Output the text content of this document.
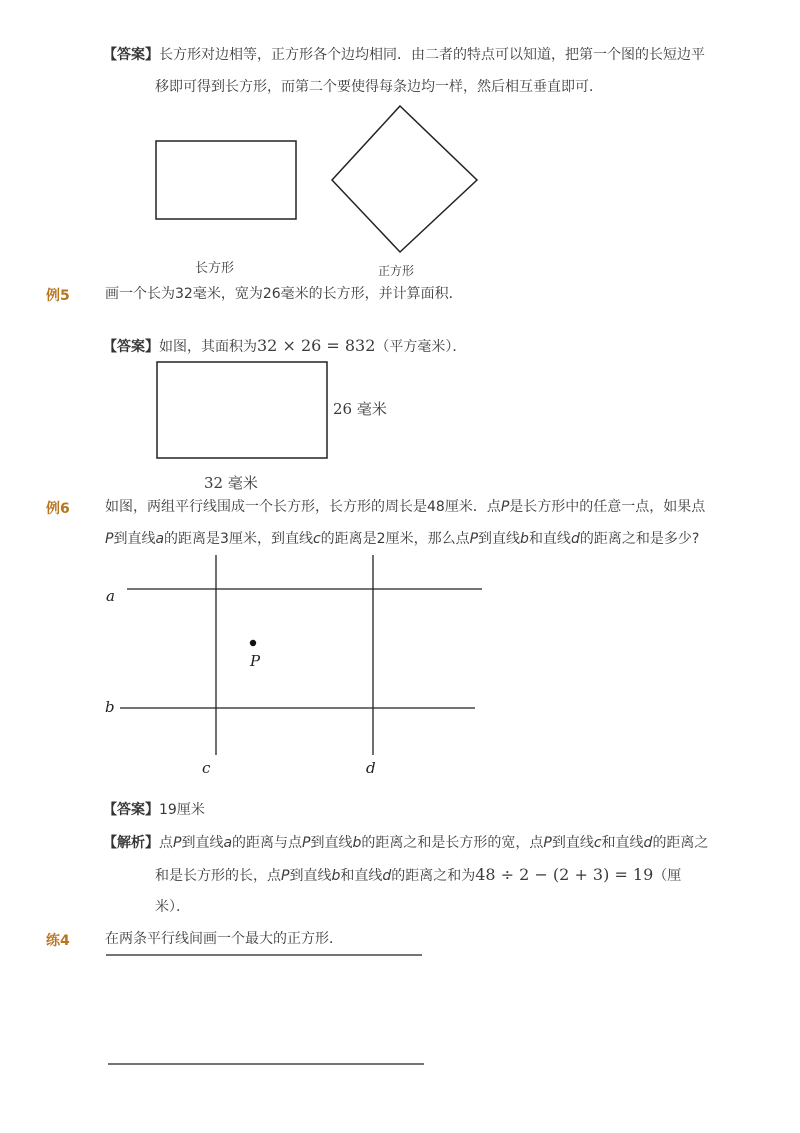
【答案】长方形对边相等，正方形各个边均相同．由二者的特点可以知道，把第一个图的长短边平
移即可得到长方形，而第二个要使得每条边均一样，然后相互垂直即可．
长方形	正方形
例5	画一个长为32毫米，宽为26毫米的长方形，并计算面积．
【答案】如图，其面积为32 × 26 = 832（平方毫米）．
26 毫米
32 毫米
例6	如图，两组平行线围成一个长方形，长方形的周长是48厘米．点P是长方形中的任意一点，如果点
P到直线a的距离是3厘米，到直线c的距离是2厘米，那么点P到直线b和直线d的距离之和是多少?
a
b
c	d
P
【答案】19厘米
【解析】点P到直线a的距离与点P到直线b的距离之和是长方形的宽，点P到直线c和直线d的距离之
和是长方形的长，点P到直线b和直线d的距离之和为48 ÷ 2 − (2 + 3) = 19（厘
米）．
练4	在两条平行线间画一个最大的正方形．
